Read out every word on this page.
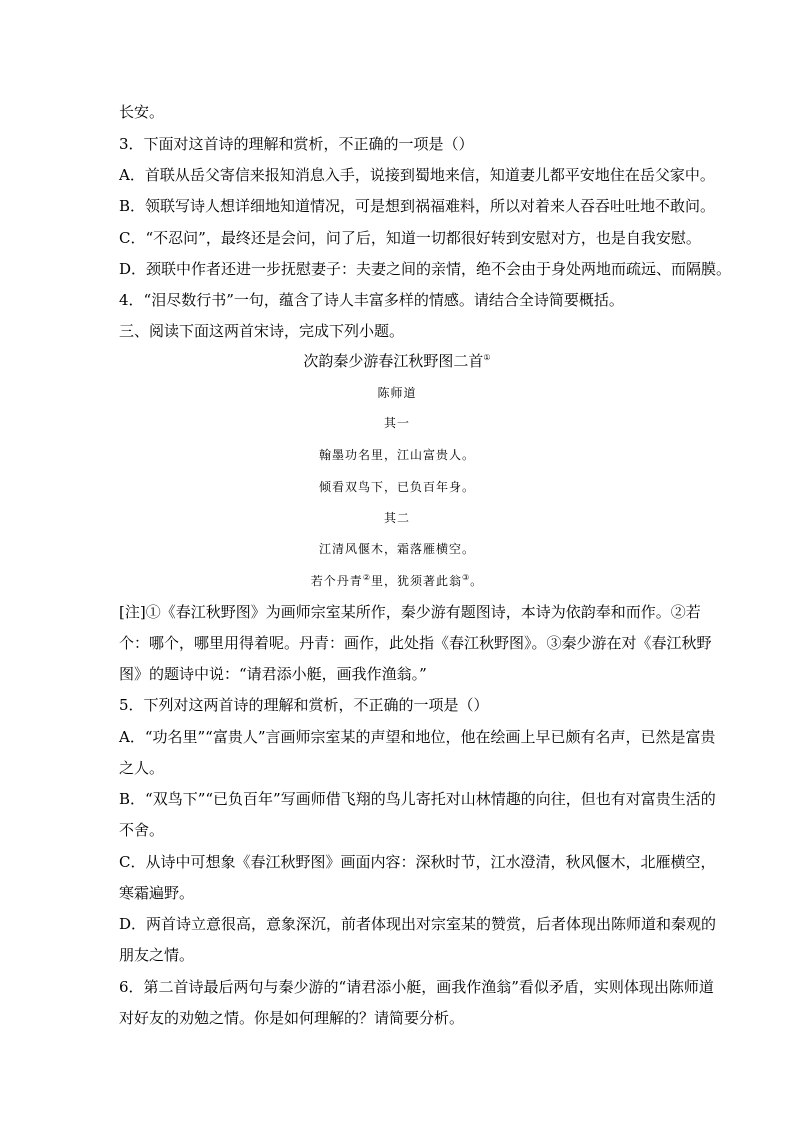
长安。
3．下面对这首诗的理解和赏析，不正确的一项是（）
A．首联从岳父寄信来报知消息入手，说接到蜀地来信，知道妻儿都平安地住在岳父家中。
B．领联写诗人想详细地知道情况，可是想到祸福难料，所以对着来人吞吞吐吐地不敢问。
C．“不忍问”，最终还是会问，问了后，知道一切都很好转到安慰对方，也是自我安慰。
D．颈联中作者还进一步抚慰妻子：夫妻之间的亲情，绝不会由于身处两地而疏远、而隔膜。
4．“泪尽数行书”一句，蕴含了诗人丰富多样的情感。请结合全诗简要概括。
三、阅读下面这两首宋诗，完成下列小题。
次韵秦少游春江秋野图二首①
陈师道
其一
翰墨功名里，江山富贵人。
倾看双鸟下，已负百年身。
其二
江清风偃木，霜落雁横空。
若个丹青②里，犹须著此翁③。
[注]①《春江秋野图》为画师宗室某所作，秦少游有题图诗，本诗为依韵奉和而作。②若
个：哪个，哪里用得着呢。丹青：画作，此处指《春江秋野图》。③秦少游在对《春江秋野
图》的题诗中说：“请君添小艇，画我作渔翁。”
5．下列对这两首诗的理解和赏析，不正确的一项是（）
A．“功名里”“富贵人”言画师宗室某的声望和地位，他在绘画上早已颇有名声，已然是富贵
之人。
B．“双鸟下”“已负百年”写画师借飞翔的鸟儿寄托对山林情趣的向往，但也有对富贵生活的
不舍。
C．从诗中可想象《春江秋野图》画面内容：深秋时节，江水澄清，秋风偃木，北雁横空，
寒霜遍野。
D．两首诗立意很高，意象深沉，前者体现出对宗室某的赞赏，后者体现出陈师道和秦观的
朋友之情。
6．第二首诗最后两句与秦少游的“请君添小艇，画我作渔翁”看似矛盾，实则体现出陈师道
对好友的劝勉之情。你是如何理解的？请简要分析。
